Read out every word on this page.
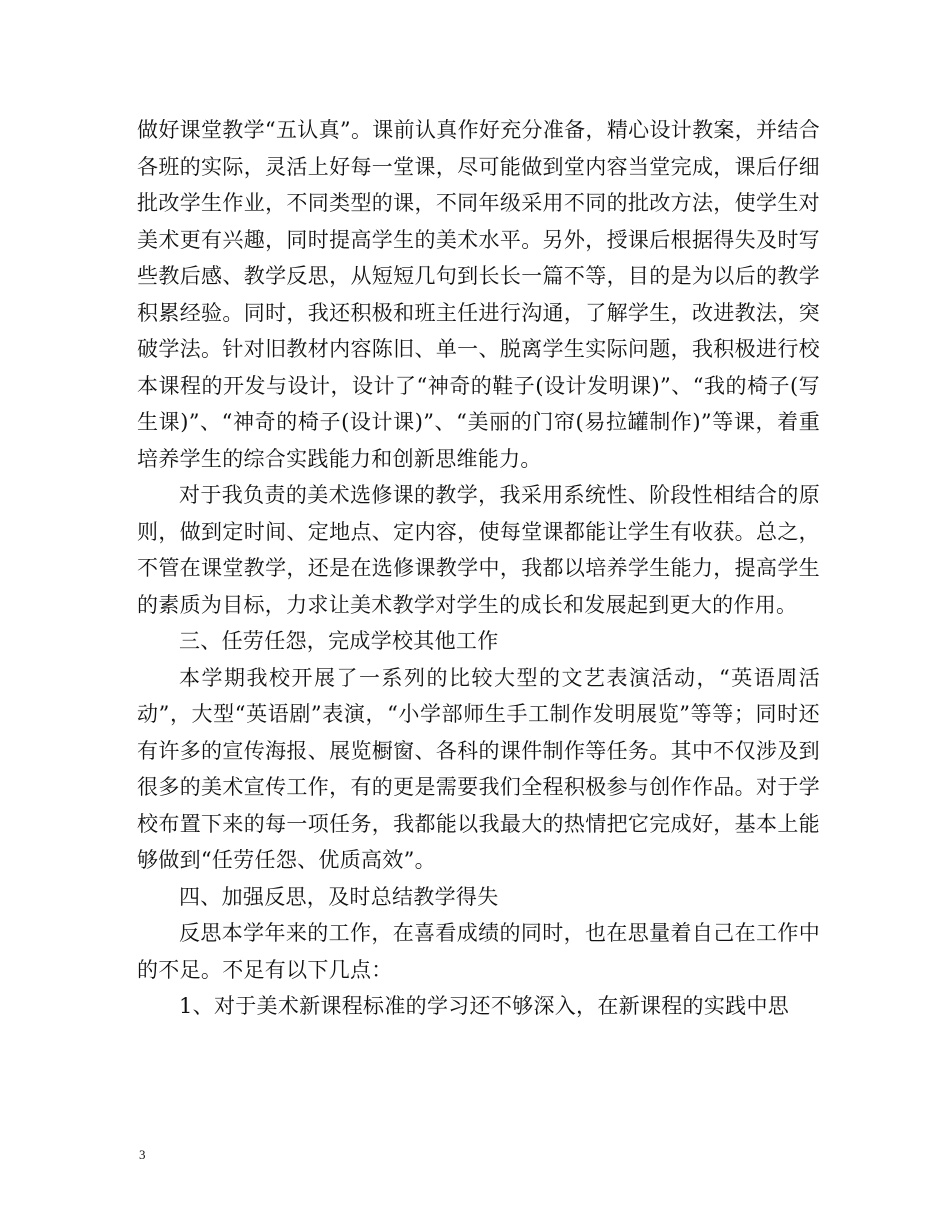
做好课堂教学“五认真”。课前认真作好充分准备，精心设计教案，并结合各班的实际，灵活上好每一堂课，尽可能做到堂内容当堂完成，课后仔细批改学生作业，不同类型的课，不同年级采用不同的批改方法，使学生对美术更有兴趣，同时提高学生的美术水平。另外，授课后根据得失及时写些教后感、教学反思，从短短几句到长长一篇不等，目的是为以后的教学积累经验。同时，我还积极和班主任进行沟通，了解学生，改进教法，突破学法。针对旧教材内容陈旧、单一、脱离学生实际问题，我积极进行校本课程的开发与设计，设计了“神奇的鞋子(设计发明课)”、“我的椅子(写生课)”、“神奇的椅子(设计课)”、“美丽的门帘(易拉罐制作)”等课，着重培养学生的综合实践能力和创新思维能力。

对于我负责的美术选修课的教学，我采用系统性、阶段性相结合的原则，做到定时间、定地点、定内容，使每堂课都能让学生有收获。总之，不管在课堂教学，还是在选修课教学中，我都以培养学生能力，提高学生的素质为目标，力求让美术教学对学生的成长和发展起到更大的作用。

三、任劳任怨，完成学校其他工作

本学期我校开展了一系列的比较大型的文艺表演活动，“英语周活动”，大型“英语剧”表演，“小学部师生手工制作发明展览”等等；同时还有许多的宣传海报、展览橱窗、各科的课件制作等任务。其中不仅涉及到很多的美术宣传工作，有的更是需要我们全程积极参与创作作品。对于学校布置下来的每一项任务，我都能以我最大的热情把它完成好，基本上能够做到“任劳任怨、优质高效”。

四、加强反思，及时总结教学得失

反思本学年来的工作，在喜看成绩的同时，也在思量着自己在工作中的不足。不足有以下几点：

1、对于美术新课程标准的学习还不够深入，在新课程的实践中思

3
